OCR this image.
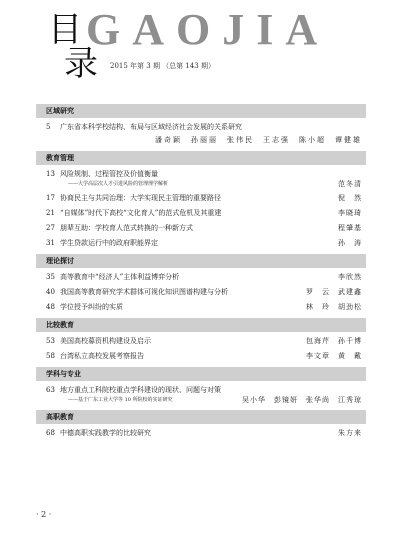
GAOJIA
目
录 2015 年第 3 期 （总第 143 期）
区域研究
5 广东省本科学校结构、布局与区域经济社会发展的关系研究
潘奇颖　孙丽丽　张伟民　王志强　陈小超　谭健雄
教育管理
13 风险规制、过程管控及价值衡量
——大学高层次人才引进风险的管理理学解析	范冬清
17 协商民主与共同治理：大学实现民主管理的重要路径	倪　然
21 “自媒体”时代下高校“文化育人”的范式危机及其重建	李晓琦
27 朋辈互助：学校育人范式转换的一种新方式	程肇基
31 学生贷款运行中的政府职能界定	孙　涛
理论探讨
35 高等教育中“经济人”主体利益博弈分析	李欣然
40 我国高等教育研究学术群体可视化知识图谱构建与分析	罗　云　武建鑫
48 学位授予纠纷的实质	林　玲　胡劲松
比较教育
53 美国高校募资机构建设及启示	包海芹　孙千博
58 台湾私立高校发展考察报告	李文章　黄　戴
学科与专业
63 地方重点工科院校重点学科建设的现状、问题与对策
——基于广东工业大学等 10 所院校的实证研究	吴小华　彭镜妍　张华尚　江秀琼
高职教育
68 中德高职实践教学的比较研究	朱方来
· 2 ·
